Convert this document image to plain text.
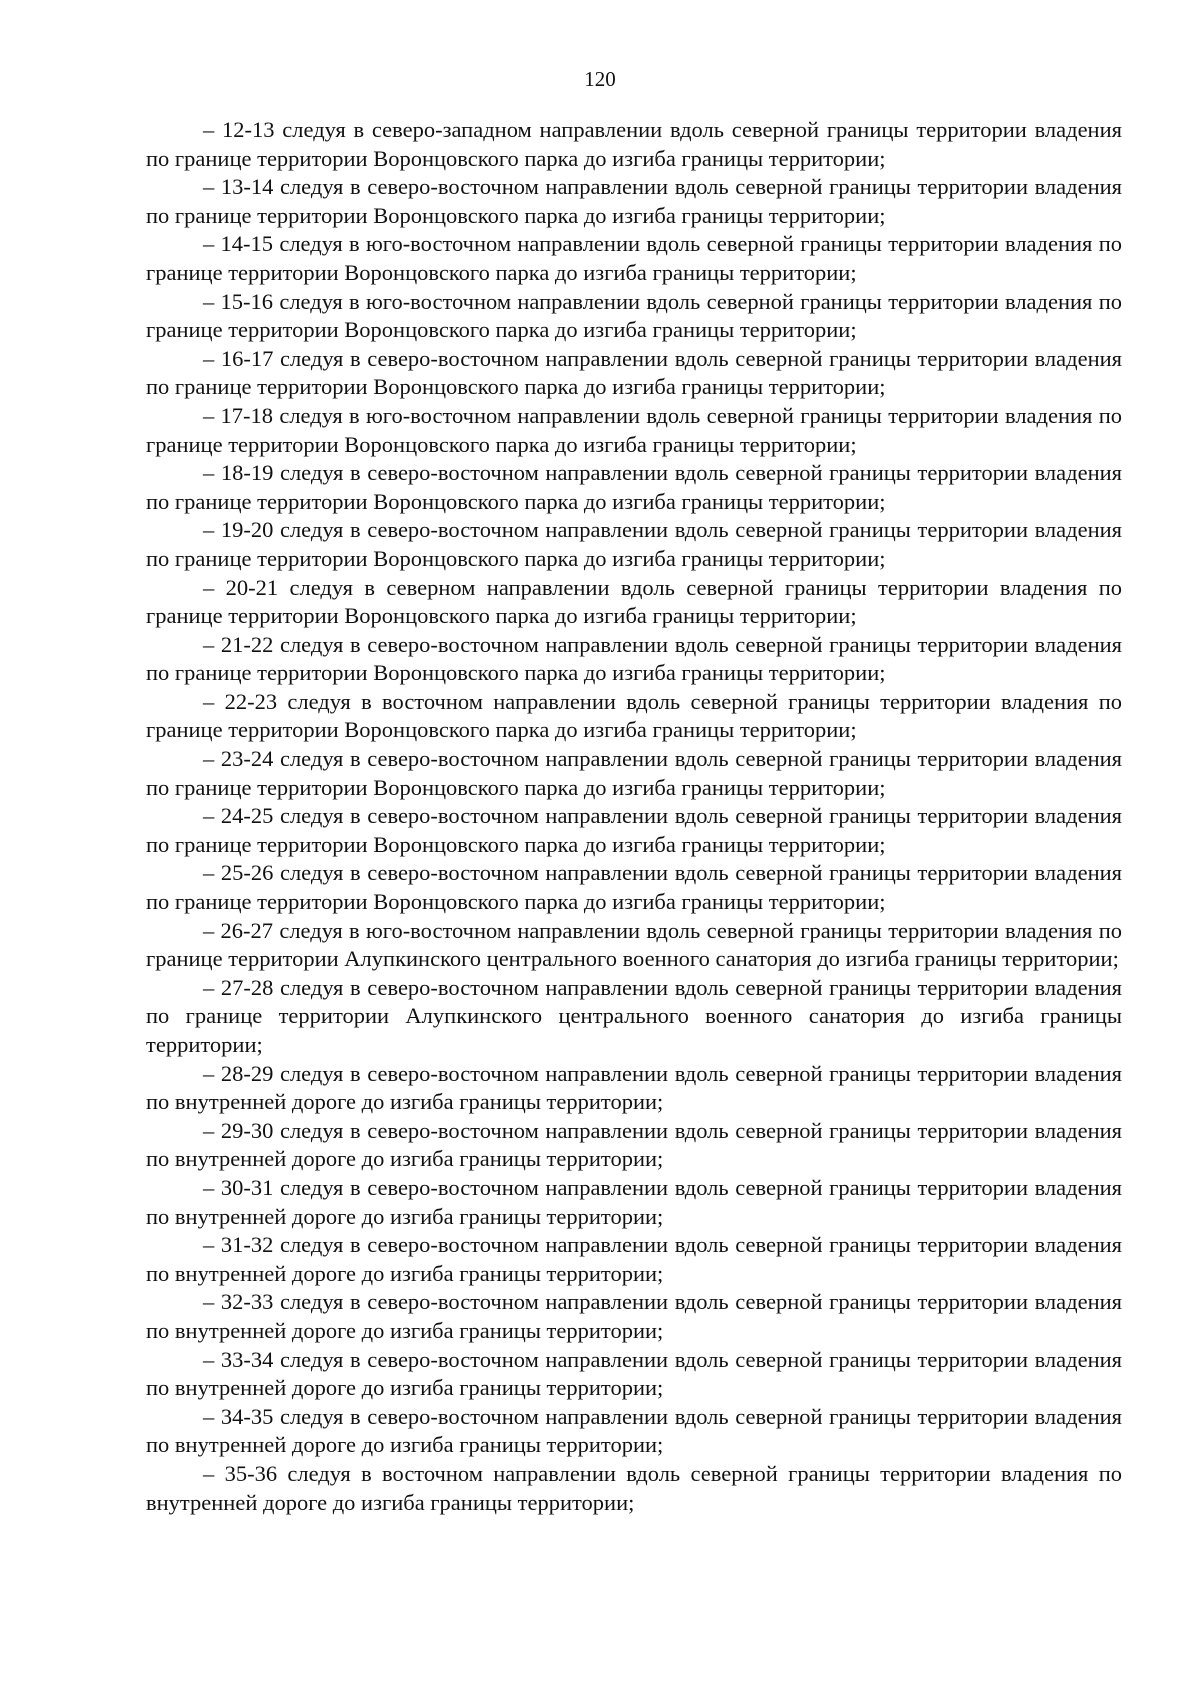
120

– 12-13 следуя в северо-западном направлении вдоль северной границы территории владения по границе территории Воронцовского парка до изгиба границы территории;

– 13-14 следуя в северо-восточном направлении вдоль северной границы территории владения по границе территории Воронцовского парка до изгиба границы территории;

– 14-15 следуя в юго-восточном направлении вдоль северной границы территории владения по границе территории Воронцовского парка до изгиба границы территории;

– 15-16 следуя в юго-восточном направлении вдоль северной границы территории владения по границе территории Воронцовского парка до изгиба границы территории;

– 16-17 следуя в северо-восточном направлении вдоль северной границы территории владения по границе территории Воронцовского парка до изгиба границы территории;

– 17-18 следуя в юго-восточном направлении вдоль северной границы территории владения по границе территории Воронцовского парка до изгиба границы территории;

– 18-19 следуя в северо-восточном направлении вдоль северной границы территории владения по границе территории Воронцовского парка до изгиба границы территории;

– 19-20 следуя в северо-восточном направлении вдоль северной границы территории владения по границе территории Воронцовского парка до изгиба границы территории;

– 20-21 следуя в северном направлении вдоль северной границы территории владения по границе территории Воронцовского парка до изгиба границы территории;

– 21-22 следуя в северо-восточном направлении вдоль северной границы территории владения по границе территории Воронцовского парка до изгиба границы территории;

– 22-23 следуя в восточном направлении вдоль северной границы территории владения по границе территории Воронцовского парка до изгиба границы территории;

– 23-24 следуя в северо-восточном направлении вдоль северной границы территории владения по границе территории Воронцовского парка до изгиба границы территории;

– 24-25 следуя в северо-восточном направлении вдоль северной границы территории владения по границе территории Воронцовского парка до изгиба границы территории;

– 25-26 следуя в северо-восточном направлении вдоль северной границы территории владения по границе территории Воронцовского парка до изгиба границы территории;

– 26-27 следуя в юго-восточном направлении вдоль северной границы территории владения по границе территории Алупкинского центрального военного санатория до изгиба границы территории;

– 27-28 следуя в северо-восточном направлении вдоль северной границы территории владения по границе территории Алупкинского центрального военного санатория до изгиба границы территории;

– 28-29 следуя в северо-восточном направлении вдоль северной границы территории владения по внутренней дороге до изгиба границы территории;

– 29-30 следуя в северо-восточном направлении вдоль северной границы территории владения по внутренней дороге до изгиба границы территории;

– 30-31 следуя в северо-восточном направлении вдоль северной границы территории владения по внутренней дороге до изгиба границы территории;

– 31-32 следуя в северо-восточном направлении вдоль северной границы территории владения по внутренней дороге до изгиба границы территории;

– 32-33 следуя в северо-восточном направлении вдоль северной границы территории владения по внутренней дороге до изгиба границы территории;

– 33-34 следуя в северо-восточном направлении вдоль северной границы территории владения по внутренней дороге до изгиба границы территории;

– 34-35 следуя в северо-восточном направлении вдоль северной границы территории владения по внутренней дороге до изгиба границы территории;

– 35-36 следуя в восточном направлении вдоль северной границы территории владения по внутренней дороге до изгиба границы территории;
